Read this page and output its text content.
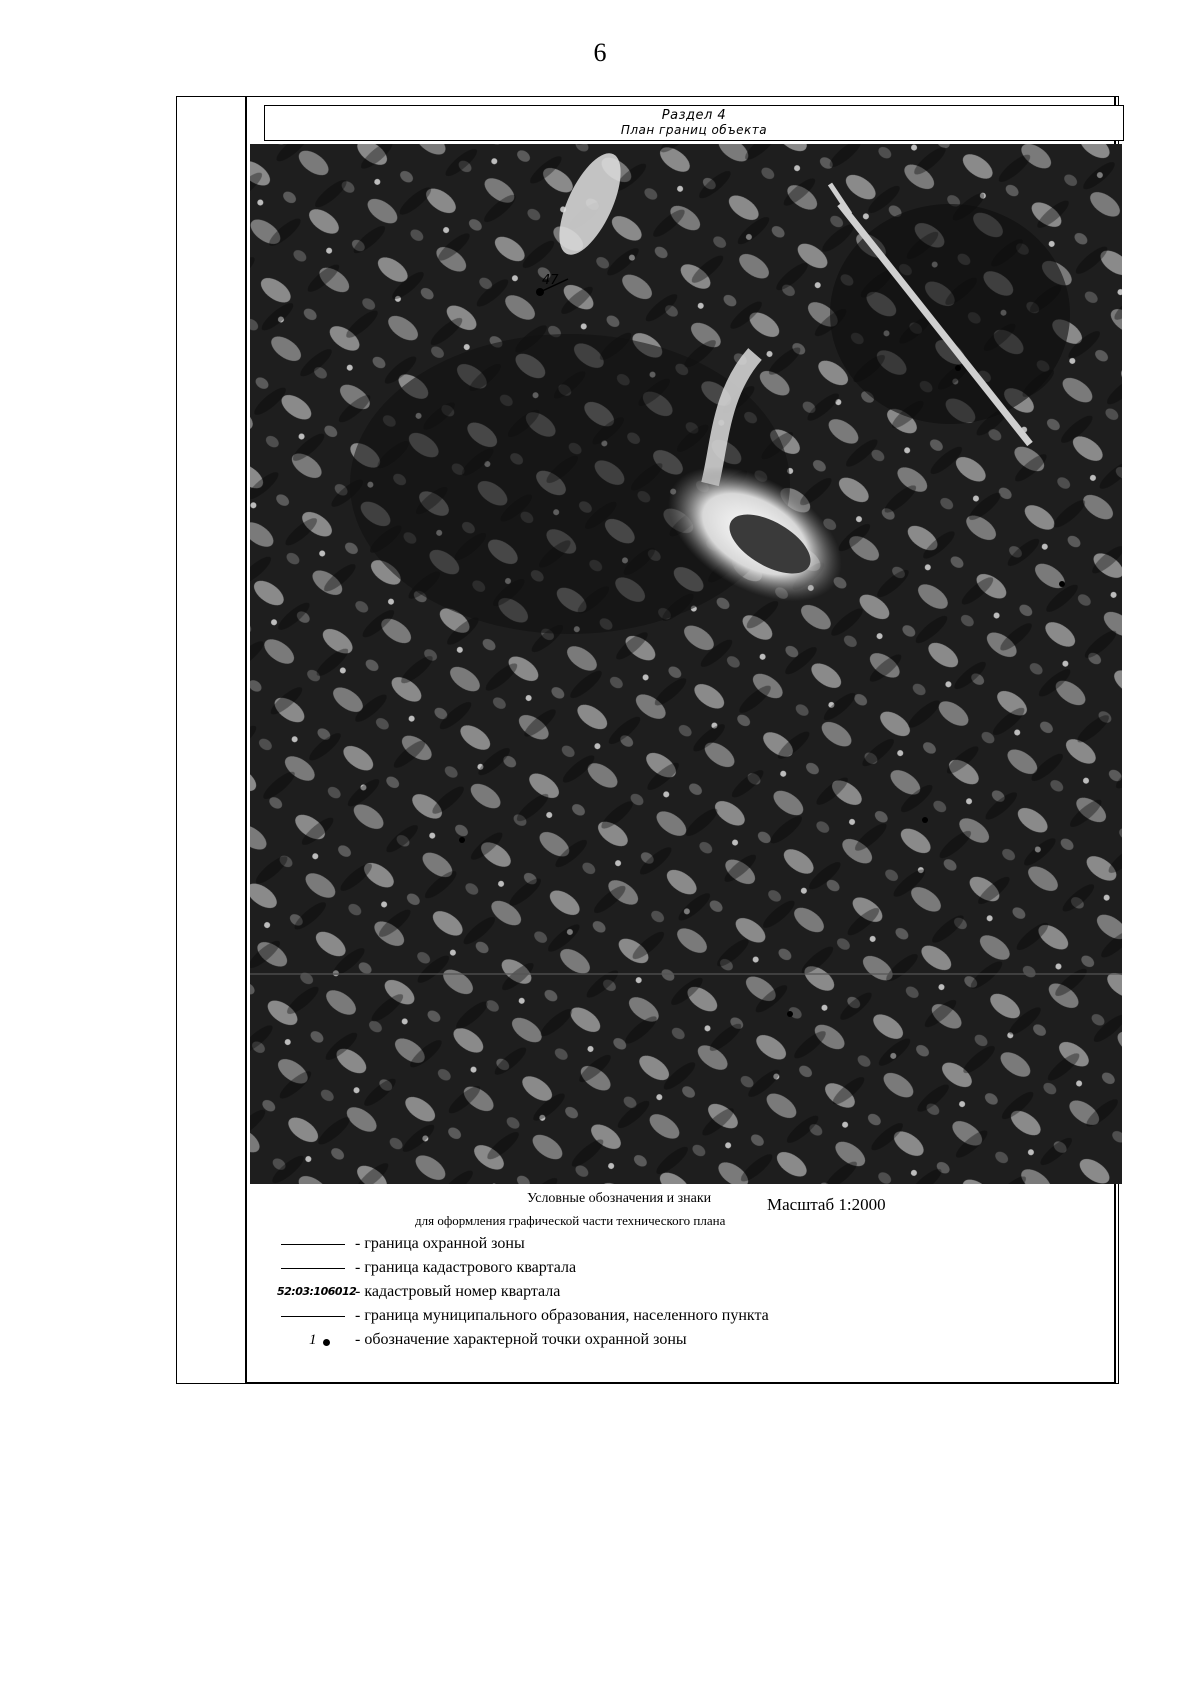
6
Раздел 4
План границ объекта
47
Условные обозначения и знаки	Масштаб 1:2000
для оформления графической части технического плана
- граница охранной зоны
- граница кадастрового квартала
52:03:106012
- кадастровый номер квартала
- граница муниципального образования, населенного пункта
1 - обозначение характерной точки охранной зоны
